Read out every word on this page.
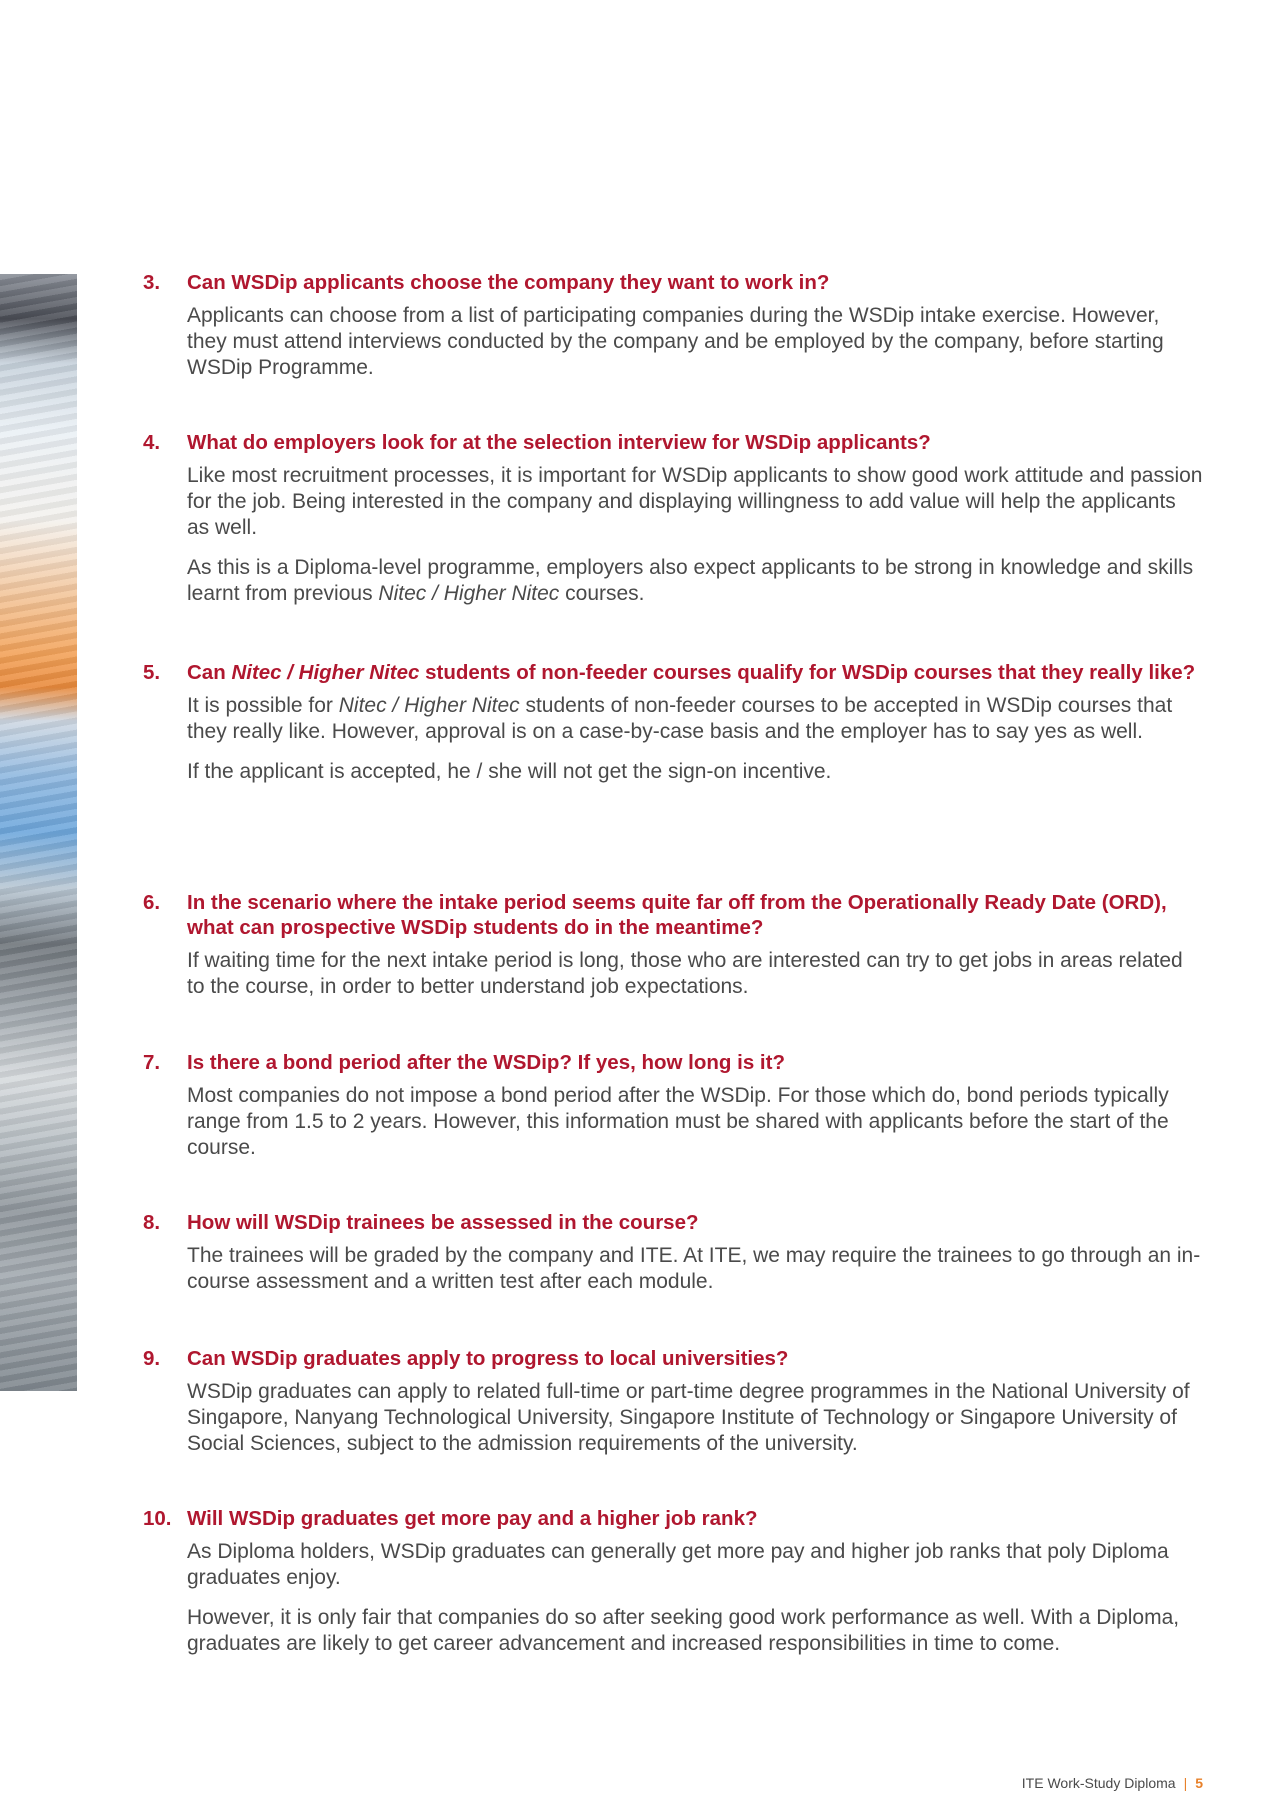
3. Can WSDip applicants choose the company they want to work in?

Applicants can choose from a list of participating companies during the WSDip intake exercise. However, they must attend interviews conducted by the company and be employed by the company, before starting WSDip Programme.

4. What do employers look for at the selection interview for WSDip applicants?

Like most recruitment processes, it is important for WSDip applicants to show good work attitude and passion for the job. Being interested in the company and displaying willingness to add value will help the applicants as well.

As this is a Diploma-level programme, employers also expect applicants to be strong in knowledge and skills learnt from previous Nitec / Higher Nitec courses.

5. Can Nitec / Higher Nitec students of non-feeder courses qualify for WSDip courses that they really like?

It is possible for Nitec / Higher Nitec students of non-feeder courses to be accepted in WSDip courses that they really like. However, approval is on a case-by-case basis and the employer has to say yes as well.

If the applicant is accepted, he / she will not get the sign-on incentive.

6. In the scenario where the intake period seems quite far off from the Operationally Ready Date (ORD), what can prospective WSDip students do in the meantime?

If waiting time for the next intake period is long, those who are interested can try to get jobs in areas related to the course, in order to better understand job expectations.

7. Is there a bond period after the WSDip? If yes, how long is it?

Most companies do not impose a bond period after the WSDip. For those which do, bond periods typically range from 1.5 to 2 years. However, this information must be shared with applicants before the start of the course.

8. How will WSDip trainees be assessed in the course?

The trainees will be graded by the company and ITE. At ITE, we may require the trainees to go through an in-course assessment and a written test after each module.

9. Can WSDip graduates apply to progress to local universities?

WSDip graduates can apply to related full-time or part-time degree programmes in the National University of Singapore, Nanyang Technological University, Singapore Institute of Technology or Singapore University of Social Sciences, subject to the admission requirements of the university.

10. Will WSDip graduates get more pay and a higher job rank?

As Diploma holders, WSDip graduates can generally get more pay and higher job ranks that poly Diploma graduates enjoy.

However, it is only fair that companies do so after seeking good work performance as well. With a Diploma, graduates are likely to get career advancement and increased responsibilities in time to come.

ITE Work-Study Diploma | 5
